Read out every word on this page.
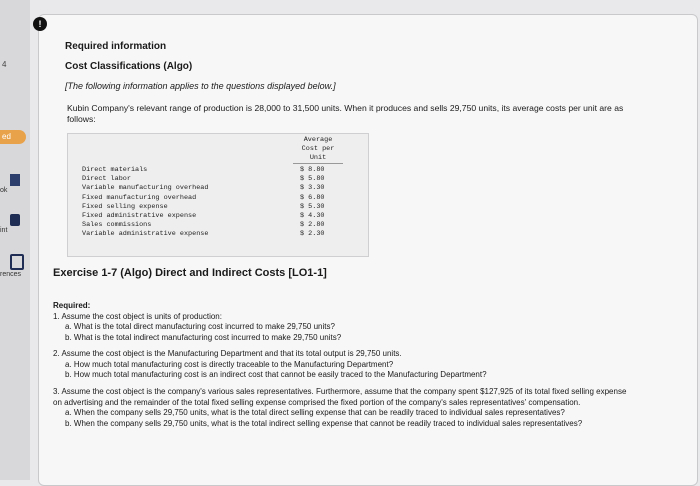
4
ed
ok
int
rences
!
Required information
Cost Classifications (Algo)
[The following information applies to the questions displayed below.]
Kubin Company's relevant range of production is 28,000 to 31,500 units. When it produces and sells 29,750 units, its average costs per unit are as follows:
Average
Cost per
Unit
Direct materials	$ 8.80
Direct labor	$ 5.80
Variable manufacturing overhead	$ 3.30
Fixed manufacturing overhead	$ 6.80
Fixed selling expense	$ 5.30
Fixed administrative expense	$ 4.30
Sales commissions	$ 2.80
Variable administrative expense	$ 2.30
Exercise 1-7 (Algo) Direct and Indirect Costs [LO1-1]
Required:
1. Assume the cost object is units of production:
a. What is the total direct manufacturing cost incurred to make 29,750 units?
b. What is the total indirect manufacturing cost incurred to make 29,750 units?
2. Assume the cost object is the Manufacturing Department and that its total output is 29,750 units.
a. How much total manufacturing cost is directly traceable to the Manufacturing Department?
b. How much total manufacturing cost is an indirect cost that cannot be easily traced to the Manufacturing Department?
3. Assume the cost object is the company's various sales representatives. Furthermore, assume that the company spent $127,925 of its total fixed selling expense on advertising and the remainder of the total fixed selling expense comprised the fixed portion of the company's sales representatives' compensation.
a. When the company sells 29,750 units, what is the total direct selling expense that can be readily traced to individual sales representatives?
b. When the company sells 29,750 units, what is the total indirect selling expense that cannot be readily traced to individual sales representatives?
